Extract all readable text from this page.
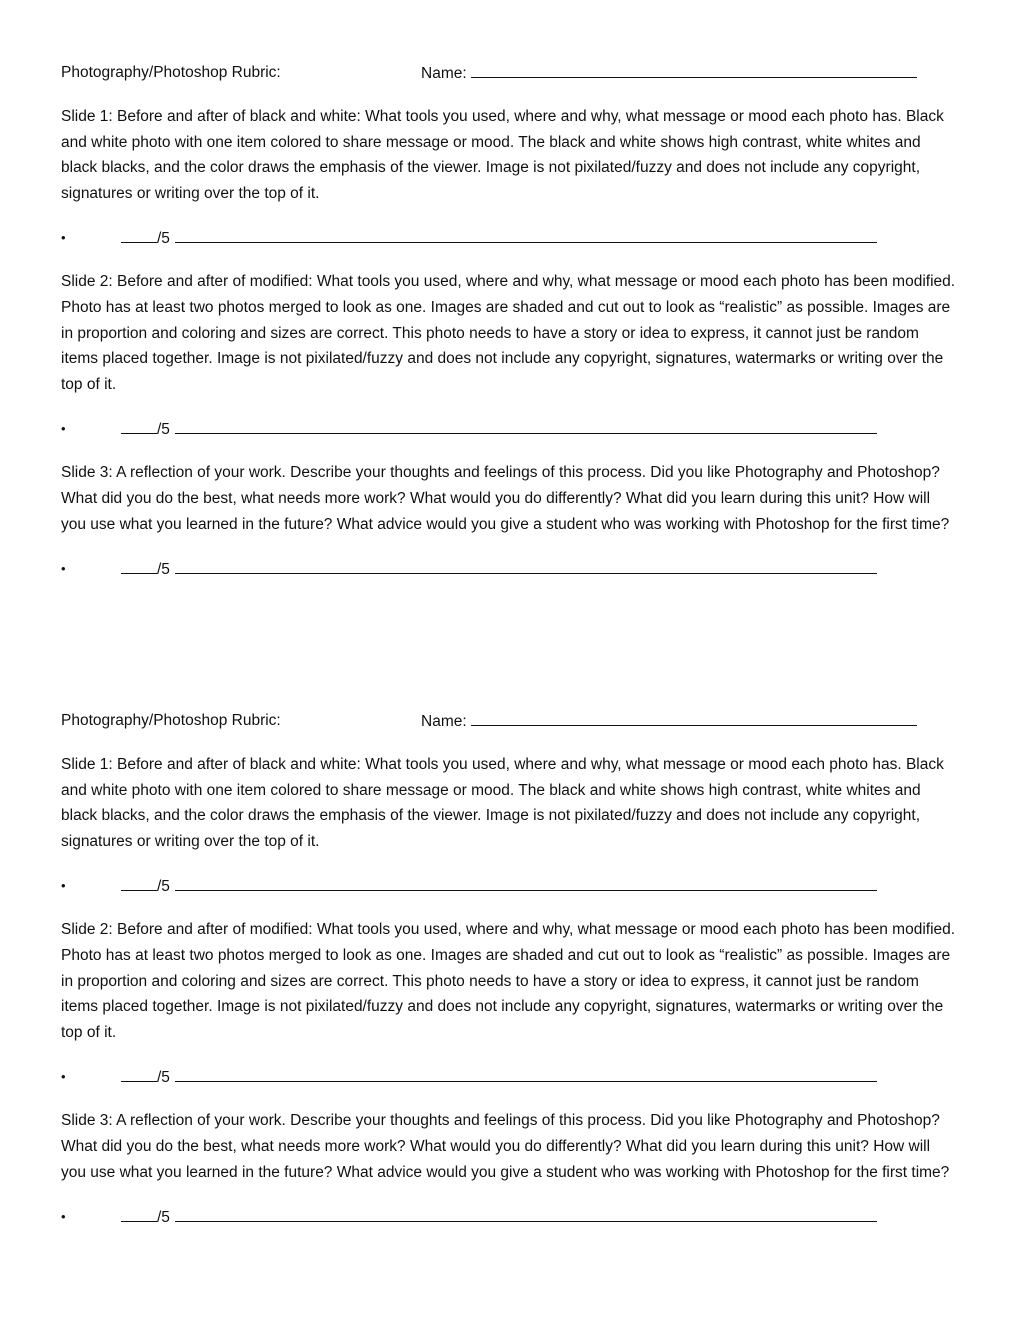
Photography/Photoshop Rubric:	Name:

Slide 1: Before and after of black and white: What tools you used, where and why, what message or mood each photo has. Black and white photo with one item colored to share message or mood. The black and white shows high contrast, white whites and black blacks, and the color draws the emphasis of the viewer. Image is not pixilated/fuzzy and does not include any copyright, signatures or writing over the top of it.

•	/5

Slide 2: Before and after of modified: What tools you used, where and why, what message or mood each photo has been modified. Photo has at least two photos merged to look as one. Images are shaded and cut out to look as “realistic” as possible. Images are in proportion and coloring and sizes are correct. This photo needs to have a story or idea to express, it cannot just be random items placed together. Image is not pixilated/fuzzy and does not include any copyright, signatures, watermarks or writing over the top of it.

•	/5

Slide 3: A reflection of your work. Describe your thoughts and feelings of this process. Did you like Photography and Photoshop? What did you do the best, what needs more work? What would you do differently? What did you learn during this unit? How will you use what you learned in the future? What advice would you give a student who was working with Photoshop for the first time?

•	/5
Photography/Photoshop Rubric:	Name:

Slide 1: Before and after of black and white: What tools you used, where and why, what message or mood each photo has. Black and white photo with one item colored to share message or mood. The black and white shows high contrast, white whites and black blacks, and the color draws the emphasis of the viewer. Image is not pixilated/fuzzy and does not include any copyright, signatures or writing over the top of it.

•	/5

Slide 2: Before and after of modified: What tools you used, where and why, what message or mood each photo has been modified. Photo has at least two photos merged to look as one. Images are shaded and cut out to look as “realistic” as possible. Images are in proportion and coloring and sizes are correct. This photo needs to have a story or idea to express, it cannot just be random items placed together. Image is not pixilated/fuzzy and does not include any copyright, signatures, watermarks or writing over the top of it.

•	/5

Slide 3: A reflection of your work. Describe your thoughts and feelings of this process. Did you like Photography and Photoshop? What did you do the best, what needs more work? What would you do differently? What did you learn during this unit? How will you use what you learned in the future? What advice would you give a student who was working with Photoshop for the first time?

•	/5
